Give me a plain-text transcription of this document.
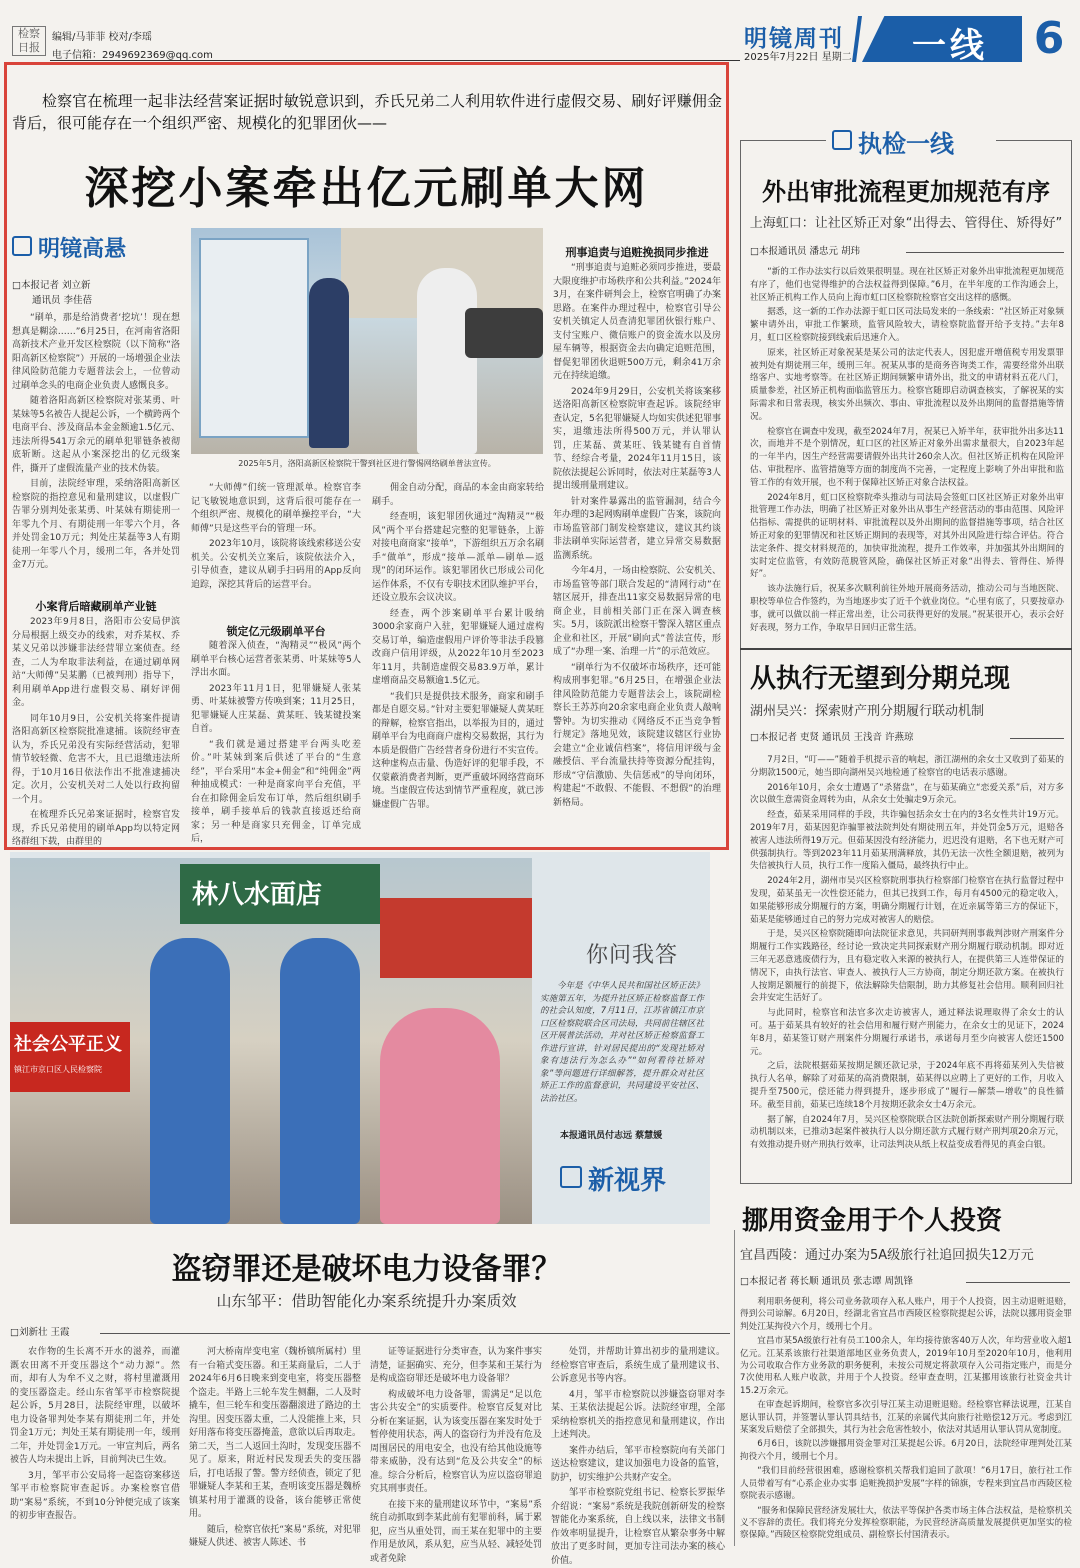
检察
日报
编辑/马菲菲 校对/李瑶
电子信箱：2949692369@qq.com
明镜周刊
2025年7月22日 星期二 一线 6
检察官在梳理一起非法经营案证据时敏锐意识到，乔氏兄弟二人利用软件进行虚假交易、刷好评赚佣金背后，很可能存在一个组织严密、规模化的犯罪团伙——
深挖小案牵出亿元刷单大网
明镜高悬
□本报记者 刘立新
通讯员 李佳蓓

“刷单，那是给消费者‘挖坑’！现在想想真是糊涂……”6月25日，在河南省洛阳高新技术产业开发区检察院（以下简称“洛阳高新区检察院”）开展的一场增强企业法律风险防范能力专题普法会上，一位曾动过刷单念头的电商企业负责人感慨良多。

随着洛阳高新区检察院对张某勇、叶某妹等5名被告人提起公诉，一个横跨两个电商平台、涉及商品本金金额逾1.5亿元、违法所得541万余元的刷单犯罪链条被彻底斩断。这起从小案深挖出的亿元级案件，撕开了虚假流量产业的技术伪装。

目前，法院经审理，采纳洛阳高新区检察院的指控意见和量刑建议，以虚假广告罪分别判处张某勇、叶某妹有期徒刑一年零九个月、有期徒刑一年零六个月，各并处罚金10万元；判处庄某磊等3人有期徒刑一年零八个月，缓刑二年，各并处罚金7万元。

小案背后暗藏刷单产业链

2023年9月8日，洛阳市公安局伊滨分局根据上级交办的线索，对乔某权、乔某义兄弟以涉嫌非法经营罪立案侦查。经查，二人为牟取非法利益，在通过刷单网站“大师傅”吴某鹏（已被判刑）指导下，利用刷单App进行虚假交易、刷好评佣金。

同年10月9日，公安机关将案件提请洛阳高新区检察院批准逮捕。该院经审查认为，乔氏兄弟没有实际经营活动，犯罪情节较轻微、危害不大，且已退缴违法所得，于10月16日依法作出不批准逮捕决定。次月，公安机关对二人处以行政拘留一个月。

在梳理乔氏兄弟案证据时，检察官发现，乔氏兄弟使用的刷单App均以特定网络群组下载，由群里的

2025年5月，洛阳高新区检察院干警到社区进行警惕网络刷单普法宣传。

“大师傅”们统一管理派单。检察官李记飞敏锐地意识到，这背后很可能存在一个组织严密、规模化的刷单操控平台，“大师傅”只是这些平台的管理一环。

2023年10月，该院将该线索移送公安机关。公安机关立案后，该院依法介入，引导侦查，建议从刷手扫码用的App反向追踪，深挖其背后的运营平台。

锁定亿元级刷单平台

随着深入侦查，“淘精灵”“极风”两个刷单平台核心运营者张某勇、叶某妹等5人浮出水面。

2023年11月1日，犯罪嫌疑人张某勇、叶某妹被警方传唤到案；11月25日，犯罪嫌疑人庄某磊、黄某旺、钱某键投案自首。

“我们就是通过搭建平台两头吃差价。”叶某妹到案后供述了平台的“生意经”，平台采用“本金+佣金”和“纯佣金”两种抽成模式：一种是商家向平台充值，平台在扣除佣金后发布订单，然后组织刷手接单，刷手接单后的钱款直接返还给商家；另一种是商家只充佣金，订单完成后，

佣金自动分配，商品的本金由商家转给刷手。

经查明，该犯罪团伙通过“淘精灵”“极风”两个平台搭建起完整的犯罪链条，上游对接电商商家“接单”，下游组织五万余名刷手“做单”，形成“接单—派单—刷单—返现”的闭环运作。该犯罪团伙已形成公司化运作体系，不仅有专职技术团队维护平台，还设立股东会议决议。

经查，两个涉案刷单平台累计吸纳3000余家商户入驻，犯罪嫌疑人通过虚构交易订单，编造虚假用户评价等非法手段篡改商户信用评级，从2022年10月至2023年11月，共制造虚假交易83.9万单，累计虚增商品交易额逾1.5亿元。

“我们只是提供技术服务，商家和刷手都是自愿交易。”针对主要犯罪嫌疑人黄某旺的辩解，检察官指出，以举报为目的，通过刷单平台为电商商户虚构交易数据，其行为本质是假借广告经营者身份进行不实宣传。这种虚构点击量、伪造好评的犯罪手段，不仅蒙蔽消费者判断，更严重破坏网络营商环境。当虚假宣传达到情节严重程度，就已涉嫌虚假广告罪。

刑事追责与追赃挽损同步推进

“刑事追责与追赃必须同步推进，要最大限度维护市场秩序和公共利益。”2024年3月，在案件研判会上，检察官明确了办案思路。在案件办理过程中，检察官引导公安机关镇定人员查清犯罪团伙银行账户、支付宝账户、微信账户的资金流水以及房屋车辆等，根据资金去向确定追赃范围，督促犯罪团伙退赃500万元，剩余41万余元在持续追缴。

2024年9月29日，公安机关将该案移送洛阳高新区检察院审查起诉。该院经审查认定，5名犯罪嫌疑人均如实供述犯罪事实，退缴违法所得500万元，并认罪认罚，庄某磊、黄某旺、钱某键有自首情节、经综合考量，2024年11月15日，该院依法提起公诉同时，依法对庄某磊等3人提出缓刑量刑建议。

针对案件暴露出的监管漏洞，结合今年办理的3起网购刷单虚假广告案，该院向市场监管部门制发检察建议，建议其约谈非法刷单实际运营者，建立异常交易数据监测系统。

今年4月，一场由检察院、公安机关、市场监管等部门联合发起的“清网行动”在辖区展开，排查出11家交易数据异常的电商企业，目前相关部门正在深入调查核实。5月，该院派出检察干警深入辖区重点企业和社区，开展“刷向式”普法宣传，形成了“办理一案、治理一片”的示范效应。

“刷单行为不仅破坏市场秩序，还可能构成刑事犯罪。”6月25日，在增强企业法律风险防范能力专题普法会上，该院副检察长王苏苏向20余家电商企业负责人敲响警钟。为切实推动《网络反不正当竞争暂行规定》落地见效，该院建议辖区行业协会建立“企业诚信档案”，将信用评级与金融授信、平台流量扶持等资源分配挂钩，形成“守信激励、失信惩戒”的导向闭环，构建起“不敢假、不能假、不想假”的治理新格局。

林八水面店
社会公平正义
镇江市京口区人民检察院
你问我答

今年是《中华人民共和国社区矫正法》实施第五年，为提升社区矫正检察监督工作的社会认知度，7月11日，江苏省镇江市京口区检察院联合区司法局，共同前往辖区社区开展普法活动，并对社区矫正检察监督工作进行宣讲，针对居民提出的“发现社矫对象有违法行为怎么办”“如何看待社矫对象”等问题进行详细解答，提升群众对社区矫正工作的监督意识，共同建设平安社区、法治社区。

本报通讯员付志远 蔡慧媛
新视界
盗窃罪还是破坏电力设备罪？
山东邹平：借助智能化办案系统提升办案质效
□刘新壮 王霞

农作物的生长离不开水的滋养，而灌溉农田离不开变压器这个“动力源”。然而，却有人为牟不义之财，将村里灌溉用的变压器盗走。经山东省邹平市检察院提起公诉，5月28日，法院经审理，以破坏电力设备罪判处李某有期徒刑二年，并处罚金1万元；判处王某有期徒刑一年，缓刑二年，并处罚金1万元。一审宣判后，两名被告人均未提出上诉，目前判决已生效。

3月，邹平市公安局将一起盗窃案移送邹平市检察院审查起诉。办案检察官借助“案易”系统，不到10分钟便完成了该案的初步审查报告。

河大桥南岸变电室（魏桥镇所属村）里有一台箱式变压器。和王某商量后，二人于2024年6月6日晚来到变电室，将变压器整个盗走。半路上三轮车发生侧翻，二人及时撬车，但三轮车和变压器翻滚进了路边的土沟里。因变压器太重，二人没能推上来，只好用落布将变压器掩盖，意欲以后再取走。第二天，当二人返回土沟时，发现变压器不见了。原来，附近村民发现丢失的变压器后，打电话报了警。警方经侦查，锁定了犯罪嫌疑人李某和王某，查明该变压器是魏桥镇某村用于灌溉的设备，该台能够正常使用。

随后，检察官依托“案易”系统，对犯罪嫌疑人供述、被害人陈述、书

证等证据进行分类审查，认为案件事实清楚，证据确实、充分，但李某和王某行为是构成盗窃罪还是破坏电力设备罪？

构成破坏电力设备罪，需满足“足以危害公共安全”的实质要件。检察官反复对比分析在案证据，认为该变压器在案发时处于暂停使用状态，两人的盗窃行为并没有危及周围居民的用电安全，也没有给其他设施等带来威胁，没有达到“危及公共安全”的标准。综合分析后，检察官认为应以盗窃罪追究其刑事责任。

在接下来的量刑建议环节中，“案易”系统自动抓取到李某此前有犯罪前科，属于累犯，应当从重处罚，而王某在犯罪中的主要作用是放风，系从犯，应当从轻、减轻处罚或者免除

处罚，并帮助计算出初步的量刑建议。经检察官审查后，系统生成了量刑建议书、公诉意见书等内容。

4月，邹平市检察院以涉嫌盗窃罪对李某、王某依法提起公诉。法院经审理，全部采纳检察机关的指控意见和量刑建议，作出上述判决。

案件办结后，邹平市检察院向有关部门送达检察建议，建议加强电力设备的监管，防护，切实维护公共财产安全。

邹平市检察院党组书记、检察长罗振华介绍说：“案易”系统是我院创新研发的检察智能化办案系统，自上线以来，法律文书制作效率明显提升，让检察官从繁杂事务中解放出了更多时间，更加专注司法办案的核心价值。

执检一线
外出审批流程更加规范有序
上海虹口：让社区矫正对象“出得去、管得住、矫得好”
□本报通讯员 潘忠元 胡玮

“新的工作办法实行以后效果很明显。现在社区矫正对象外出审批流程更加规范有序了，他们也觉得维护的合法权益得到保障。”6月，在半年度的工作沟通会上，社区矫正机构工作人员向上海市虹口区检察院检察官交出这样的感慨。

据悉，这一新的工作办法源于虹口区司法局发来的一条线索：“社区矫正对象频繁申请外出，审批工作繁琐，监管风险较大，请检察院监督开给予支持。”去年8月，虹口区检察院接到线索后迅速介入。

原来，社区矫正对象祝某是某公司的法定代表人，因犯虚开增值税专用发票罪被判处有期徒刑三年，缓刑三年。祝某从事的是商务咨询类工作，需要经常外出联络客户、实地考察等。在社区矫正期间频繁申请外出，批文的申请材料五花八门，质量参差，社区矫正机构面临监管压力。检察官随即启动调查核实，了解祝某的实际需求和日常表现，核实外出频次、事由、审批流程以及外出期间的监督措施等情况。

检察官在调查中发现，截至2024年7月，祝某已入矫半年，获审批外出多达11次，而地并不是个别情况，虹口区的社区矫正对象外出需求量很大，自2023年起的一年半内，因生产经营需要请假外出共计260余人次。但社区矫正机构在风险评估、审批程序、监管措施等方面的制度尚不完善，一定程度上影响了外出审批和监管工作的有效开展，也不利于保障社区矫正对象合法权益。

2024年8月，虹口区检察院牵头推动与司法局会签虹口区社区矫正对象外出审批管理工作办法，明确了社区矫正对象外出从事生产经营活动的事由范围、风险评估指标、需提供的证明材料、审批流程以及外出期间的监督措施等事项，结合社区矫正对象的犯罪情况和社区矫正期间的表现等，对其外出风险进行综合评估。符合法定条件、提交材料规范的，加快审批流程，提升工作效率，并加强其外出期间的实时定位监管，有效防范脱管风险，确保社区矫正对象“出得去、管得住、矫得好”。

该办法施行后，祝某多次顺利前往外地开展商务活动，推动公司与当地医院、职校等单位合作签约，为当地逐步实了近千个就业岗位。“心里有底了，只要按章办事，就可以做以前一样正常出差，让公司获得更好的发展。”祝某很开心，表示会好好表现，努力工作，争取早日回归正常生活。

从执行无望到分期兑现
湖州吴兴：探索财产刑分期履行联动机制
□本报记者 吏贤 通讯员 王浅音 许燕琼

7月2日，“叮——”随着手机提示音的响起，浙江湖州的余女士又收到了茹某的分期款1500元，她当即向湖州吴兴地检通了检察官的电话表示感谢。

2016年10月，余女士遭遇了“杀猪盘”，在与茹某确立“恋爱关系”后，对方多次以做生意需资金周转为由，从余女士处骗走9万余元。

经查，茹某采用同样的手段，共诈骗包括余女士在内的3名女性共计19万元。2019年7月，茹某因犯诈骗罪被法院判处有期徒刑五年，并处罚金5万元，退赔各被害人违法所得19万元。但茹某因没有经济能力，迟迟没有退赔，名下也无财产可供强制执行。等到2023年11月茹某刑满释放，其仍无法一次性全额退赔，被列为失信被执行人员，执行工作一度陷入僵局，最终执行中止。

2024年2月，湖州市吴兴区检察院刑事执行检察部门检察官在执行监督过程中发现，茹某虽无一次性偿还能力，但其已找到工作，每月有4500元的稳定收入，如果能够形成分期履行的方案，明确分期履行计划，在近亲属等第三方的保证下，茹某是能够通过自己的努力完成对被害人的赔偿。

于是，吴兴区检察院随即向法院征求意见，共同研判刑事裁判涉财产刑案件分期履行工作实践路径，经讨论一致决定共同探索财产刑分期履行联动机制。即对近三年无恶意逃废债行为，且有稳定收入来源的被执行人，在提供第三人连带保证的情况下，由执行法官、审查人、被执行人三方协商，制定分期还款方案。在被执行人按期足额履行的前提下，依法解除失信限制，助力其修复社会信用。顺利回归社会并安定生活好了。

与此同时，检察官和法官多次走访被害人，通过释法说理取得了余女士的认可。基于茹某具有较好的社会信用和履行财产刑能力，在余女士的见证下，2024年8月，茹某签订财产刑案件分期履行承诺书，承诺每月至少向被害人偿还1500元。

之后，法院根据茹某按期足额还款记录，于2024年底不再将茹某列入失信被执行人名单，解除了对茹某的高消费限制，茹某得以应聘上了更好的工作，月收入提升至7500元，偿还能力得到提升，逐步形成了“履行—解禁—增收”的良性循环。截至目前，茹某已连续18个月按期还款余女士4万余元。

据了解，自2024年7月，吴兴区检察院联合区法院创新探索财产刑分期履行联动机制以来，已推动3起案件被执行人以分期还款方式履行财产刑判项20余万元，有效推动提升财产刑执行效率，让司法判决从纸上权益变成看得见的真金白银。

挪用资金用于个人投资
宜昌西陵：通过办案为5A级旅行社追回损失12万元
□本报记者 蒋长顺 通讯员 张志谭 周凯锋

利用职务便利，将公司业务款项存入私人账户，用于个人投资，因主动退赃退赔，得到公司谅解。6月20日，经湖北省宜昌市西陵区检察院提起公诉，法院以挪用资金罪判处江某拘役六个月，缓刑七个月。

宜昌市某5A级旅行社有员工100余人，年均接待旅客40万人次，年均营业收入超1亿元。江某系该旅行社渠道部地区业务负责人，2019年10月至2020年10月，他利用为公司收取合作方业务款的职务便利，未按公司规定将款项存入公司指定账户，而是分7次使用私人账户收款，并用于个人投资。经审查查明，江某挪用该旅行社资金共计15.2万余元。

在审查起诉期间，检察官多次引导江某主动退赃退赔。经检察官释法说理，江某自愿认罪认罚，并签署认罪认罚具结书，江某的亲属代其向旅行社赔偿12万元。考虑到江某案发后赔偿了全部损失，其行为社会危害性较小，依法对其适用认罪认罚从宽制度。

6月6日，该院以涉嫌挪用资金罪对江某提起公诉。6月20日，法院经审理判处江某拘役六个月，缓刑七个月。

“我们目前经营很困难，感谢检察机关帮我们追回了款项！”6月17日，旅行社工作人员带着写有“心系企业办实事 追赃挽损护发展”字样的锦旗，专程来到宜昌市西陵区检察院表示感谢。

“服务和保障民营经济发展壮大，依法平等保护各类市场主体合法权益，是检察机关义不容辞的责任。我们将充分发挥检察职能，为民营经济高质量发展提供更加坚实的检察保障。”西陵区检察院党组成员、副检察长付国清表示。
